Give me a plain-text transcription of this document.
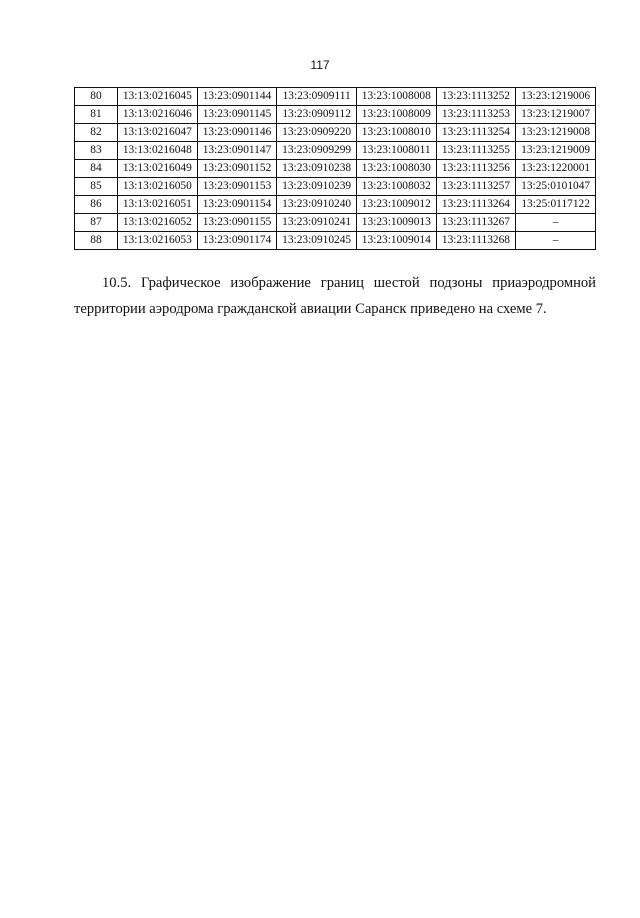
117
80	13:13:0216045	13:23:0901144	13:23:0909111	13:23:1008008	13:23:1113252	13:23:1219006
81	13:13:0216046	13:23:0901145	13:23:0909112	13:23:1008009	13:23:1113253	13:23:1219007
82	13:13:0216047	13:23:0901146	13:23:0909220	13:23:1008010	13:23:1113254	13:23:1219008
83	13:13:0216048	13:23:0901147	13:23:0909299	13:23:1008011	13:23:1113255	13:23:1219009
84	13:13:0216049	13:23:0901152	13:23:0910238	13:23:1008030	13:23:1113256	13:23:1220001
85	13:13:0216050	13:23:0901153	13:23:0910239	13:23:1008032	13:23:1113257	13:25:0101047
86	13:13:0216051	13:23:0901154	13:23:0910240	13:23:1009012	13:23:1113264	13:25:0117122
87	13:13:0216052	13:23:0901155	13:23:0910241	13:23:1009013	13:23:1113267	–
88	13:13:0216053	13:23:0901174	13:23:0910245	13:23:1009014	13:23:1113268	–
10.5. Графическое изображение границ шестой подзоны приаэродромной
территории аэродрома гражданской авиации Саранск приведено на схеме 7.
